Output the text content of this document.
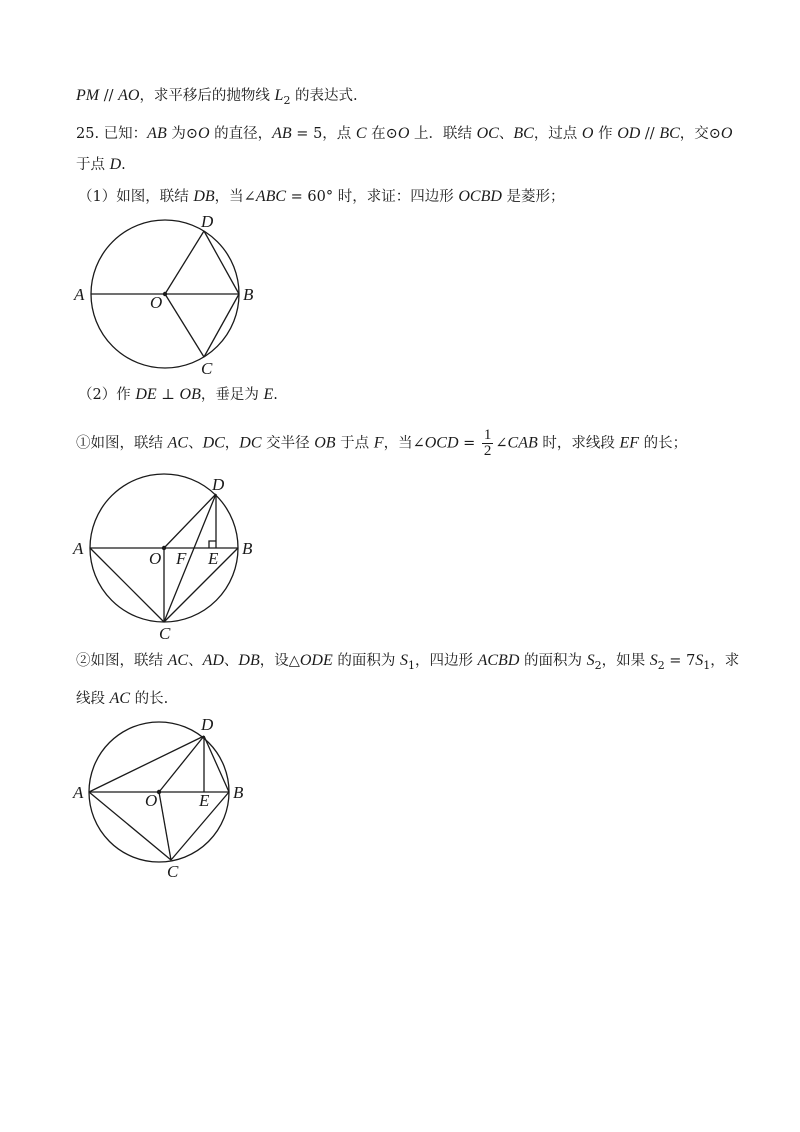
PM // AO，求平移后的抛物线 $L_2$ 的表达式.
25. 已知：AB 为⊙O 的直径，AB = 5，点 C 在⊙O 上．联结 OC、BC，过点 O 作 OD // BC，交⊙O
于点 D.
（1）如图，联结 DB，当∠ABC = 60° 时，求证：四边形 OCBD 是菱形；
A	B
O
D
C
（2）作 DE ⊥ OB，垂足为 E.
①如图，联结 AC、DC，DC 交半径 OB 于点 F，当∠OCD = $\frac{1}{2}$ ∠CAB 时，求线段 EF 的长；
A	B
O F E
D
C
②如图，联结 AC、AD、DB，设△ODE 的面积为 $S_1$，四边形 ACBD 的面积为 $S_2$，如果 $S_2 = 7S_1$，求
线段 AC 的长.
A	B
O E
D
C
